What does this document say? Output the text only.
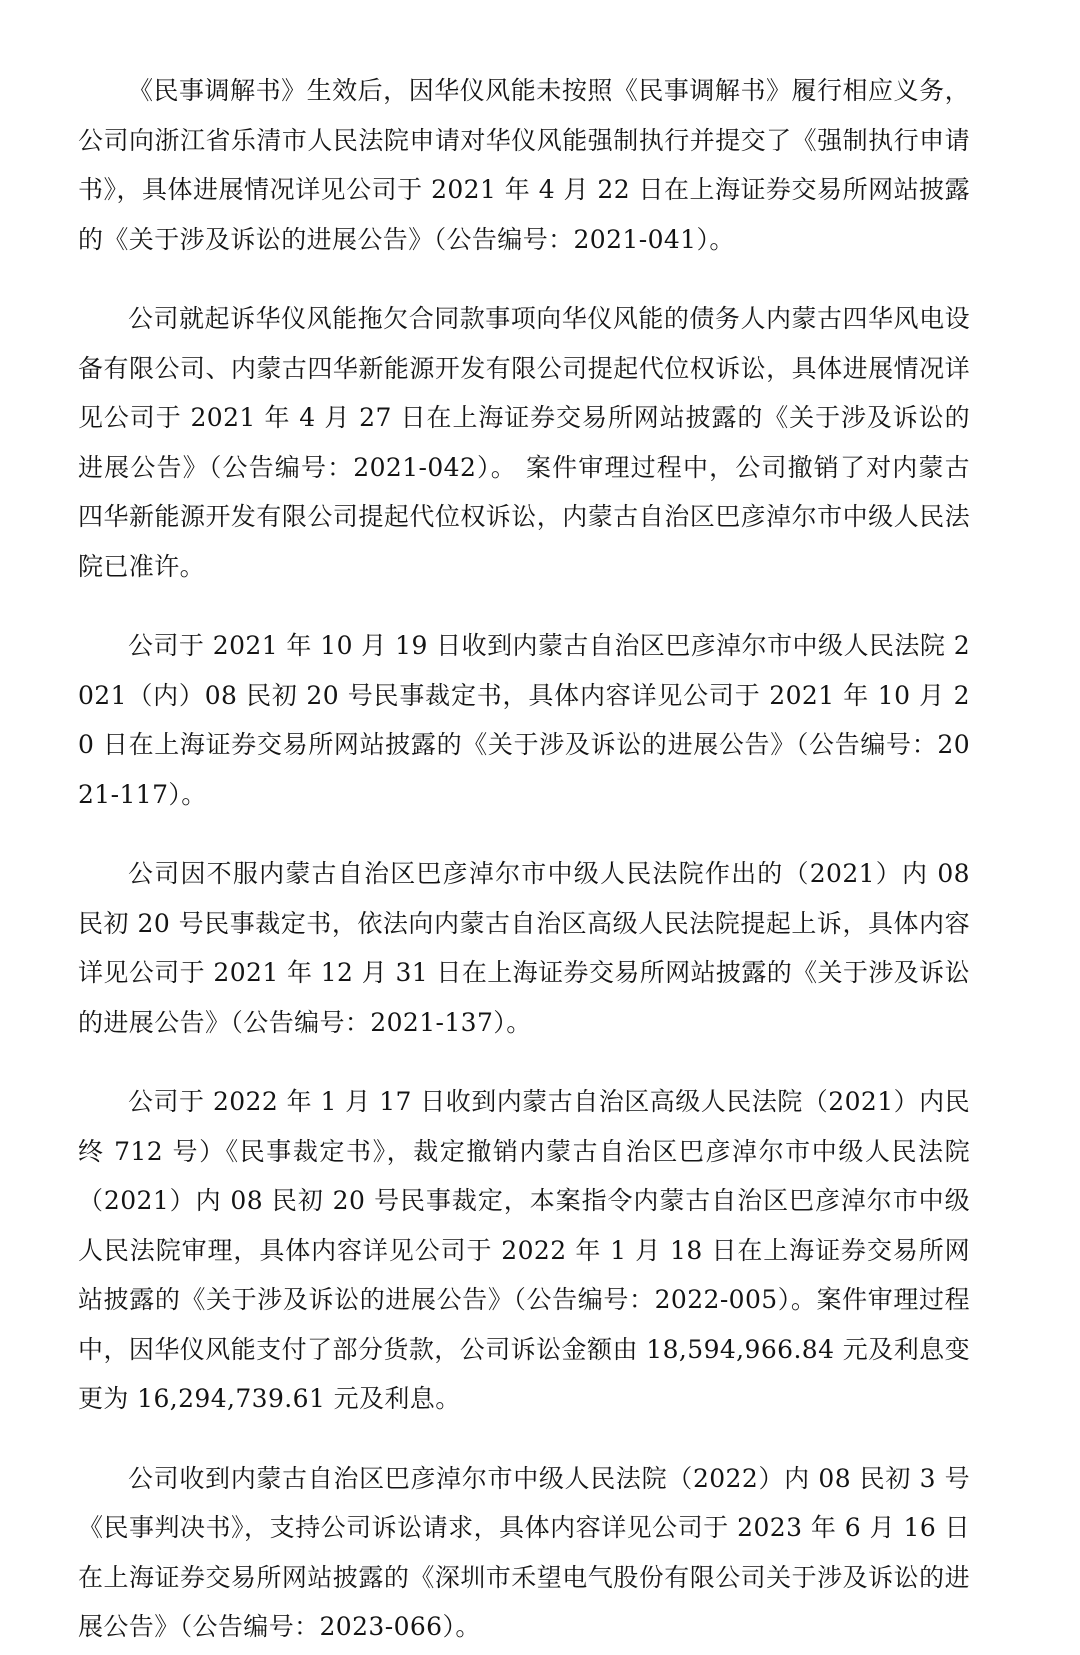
《民事调解书》生效后，因华仪风能未按照《民事调解书》履行相应义务，公司向浙江省乐清市人民法院申请对华仪风能强制执行并提交了《强制执行申请书》，具体进展情况详见公司于 2021 年 4 月 22 日在上海证券交易所网站披露的《关于涉及诉讼的进展公告》（公告编号：2021-041）。

公司就起诉华仪风能拖欠合同款事项向华仪风能的债务人内蒙古四华风电设备有限公司、内蒙古四华新能源开发有限公司提起代位权诉讼，具体进展情况详见公司于 2021 年 4 月 27 日在上海证券交易所网站披露的《关于涉及诉讼的进展公告》（公告编号：2021-042）。 案件审理过程中，公司撤销了对内蒙古四华新能源开发有限公司提起代位权诉讼，内蒙古自治区巴彦淖尔市中级人民法院已准许。

公司于 2021 年 10 月 19 日收到内蒙古自治区巴彦淖尔市中级人民法院 2021（内）08 民初 20 号民事裁定书，具体内容详见公司于 2021 年 10 月 20 日在上海证券交易所网站披露的《关于涉及诉讼的进展公告》（公告编号：2021-117）。

公司因不服内蒙古自治区巴彦淖尔市中级人民法院作出的（2021）内 08 民初 20 号民事裁定书，依法向内蒙古自治区高级人民法院提起上诉，具体内容详见公司于 2021 年 12 月 31 日在上海证券交易所网站披露的《关于涉及诉讼的进展公告》（公告编号：2021-137）。

公司于 2022 年 1 月 17 日收到内蒙古自治区高级人民法院（2021）内民终 712 号）《民事裁定书》，裁定撤销内蒙古自治区巴彦淖尔市中级人民法院（2021）内 08 民初 20 号民事裁定，本案指令内蒙古自治区巴彦淖尔市中级人民法院审理，具体内容详见公司于 2022 年 1 月 18 日在上海证券交易所网站披露的《关于涉及诉讼的进展公告》（公告编号：2022-005）。案件审理过程中，因华仪风能支付了部分货款，公司诉讼金额由 18,594,966.84 元及利息变更为 16,294,739.61 元及利息。

公司收到内蒙古自治区巴彦淖尔市中级人民法院（2022）内 08 民初 3 号《民事判决书》，支持公司诉讼请求，具体内容详见公司于 2023 年 6 月 16 日在上海证券交易所网站披露的《深圳市禾望电气股份有限公司关于涉及诉讼的进展公告》（公告编号：2023-066）。
